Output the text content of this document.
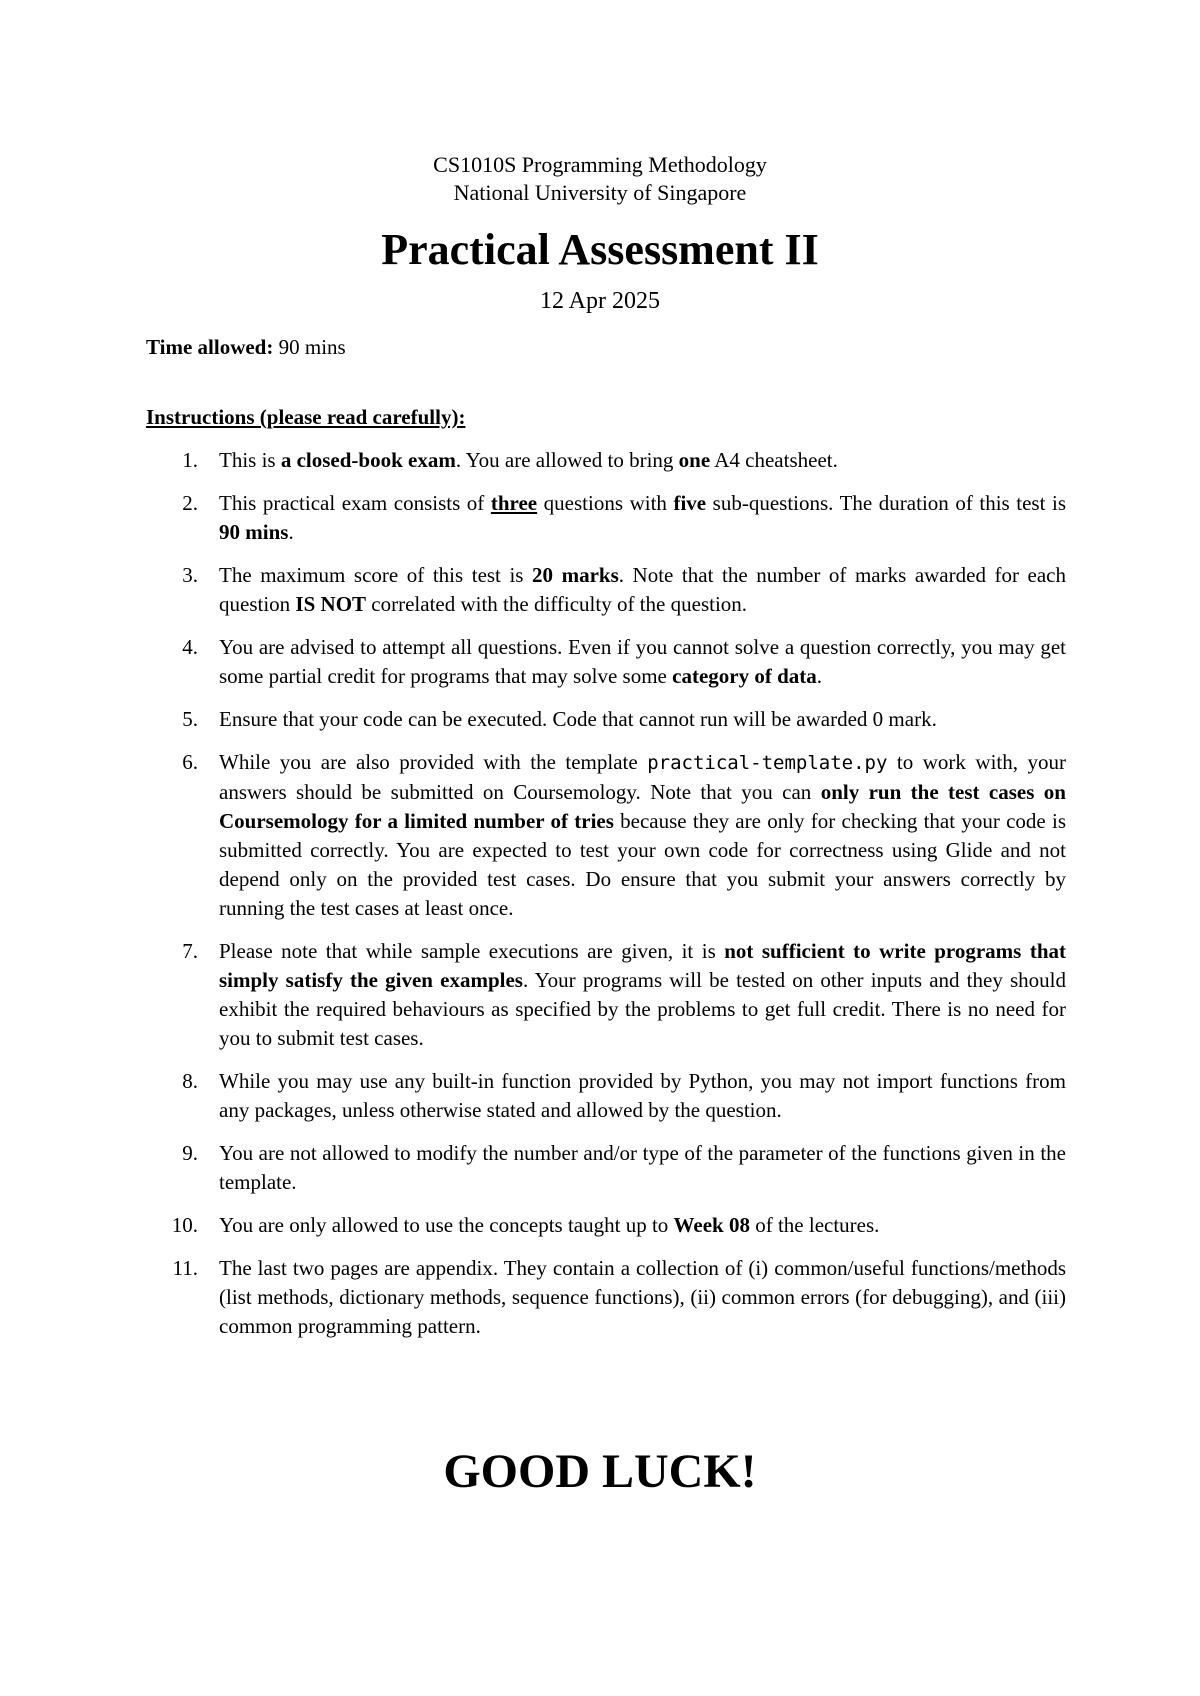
CS1010S Programming Methodology
National University of Singapore
Practical Assessment II
12 Apr 2025
Time allowed: 90 mins
Instructions (please read carefully):
1. This is a closed-book exam. You are allowed to bring one A4 cheatsheet.
2. This practical exam consists of three questions with five sub-questions. The duration of this test is 90 mins.
3. The maximum score of this test is 20 marks. Note that the number of marks awarded for each question IS NOT correlated with the difficulty of the question.
4. You are advised to attempt all questions. Even if you cannot solve a question correctly, you may get some partial credit for programs that may solve some category of data.
5. Ensure that your code can be executed. Code that cannot run will be awarded 0 mark.
6. While you are also provided with the template practical-template.py to work with, your answers should be submitted on Coursemology. Note that you can only run the test cases on Coursemology for a limited number of tries because they are only for checking that your code is submitted correctly. You are expected to test your own code for correctness using Glide and not depend only on the provided test cases. Do ensure that you submit your answers correctly by running the test cases at least once.
7. Please note that while sample executions are given, it is not sufficient to write programs that simply satisfy the given examples. Your programs will be tested on other inputs and they should exhibit the required behaviours as specified by the problems to get full credit. There is no need for you to submit test cases.
8. While you may use any built-in function provided by Python, you may not import functions from any packages, unless otherwise stated and allowed by the question.
9. You are not allowed to modify the number and/or type of the parameter of the functions given in the template.
10. You are only allowed to use the concepts taught up to Week 08 of the lectures.
11. The last two pages are appendix. They contain a collection of (i) common/useful functions/methods (list methods, dictionary methods, sequence functions), (ii) common errors (for debugging), and (iii) common programming pattern.
GOOD LUCK!
